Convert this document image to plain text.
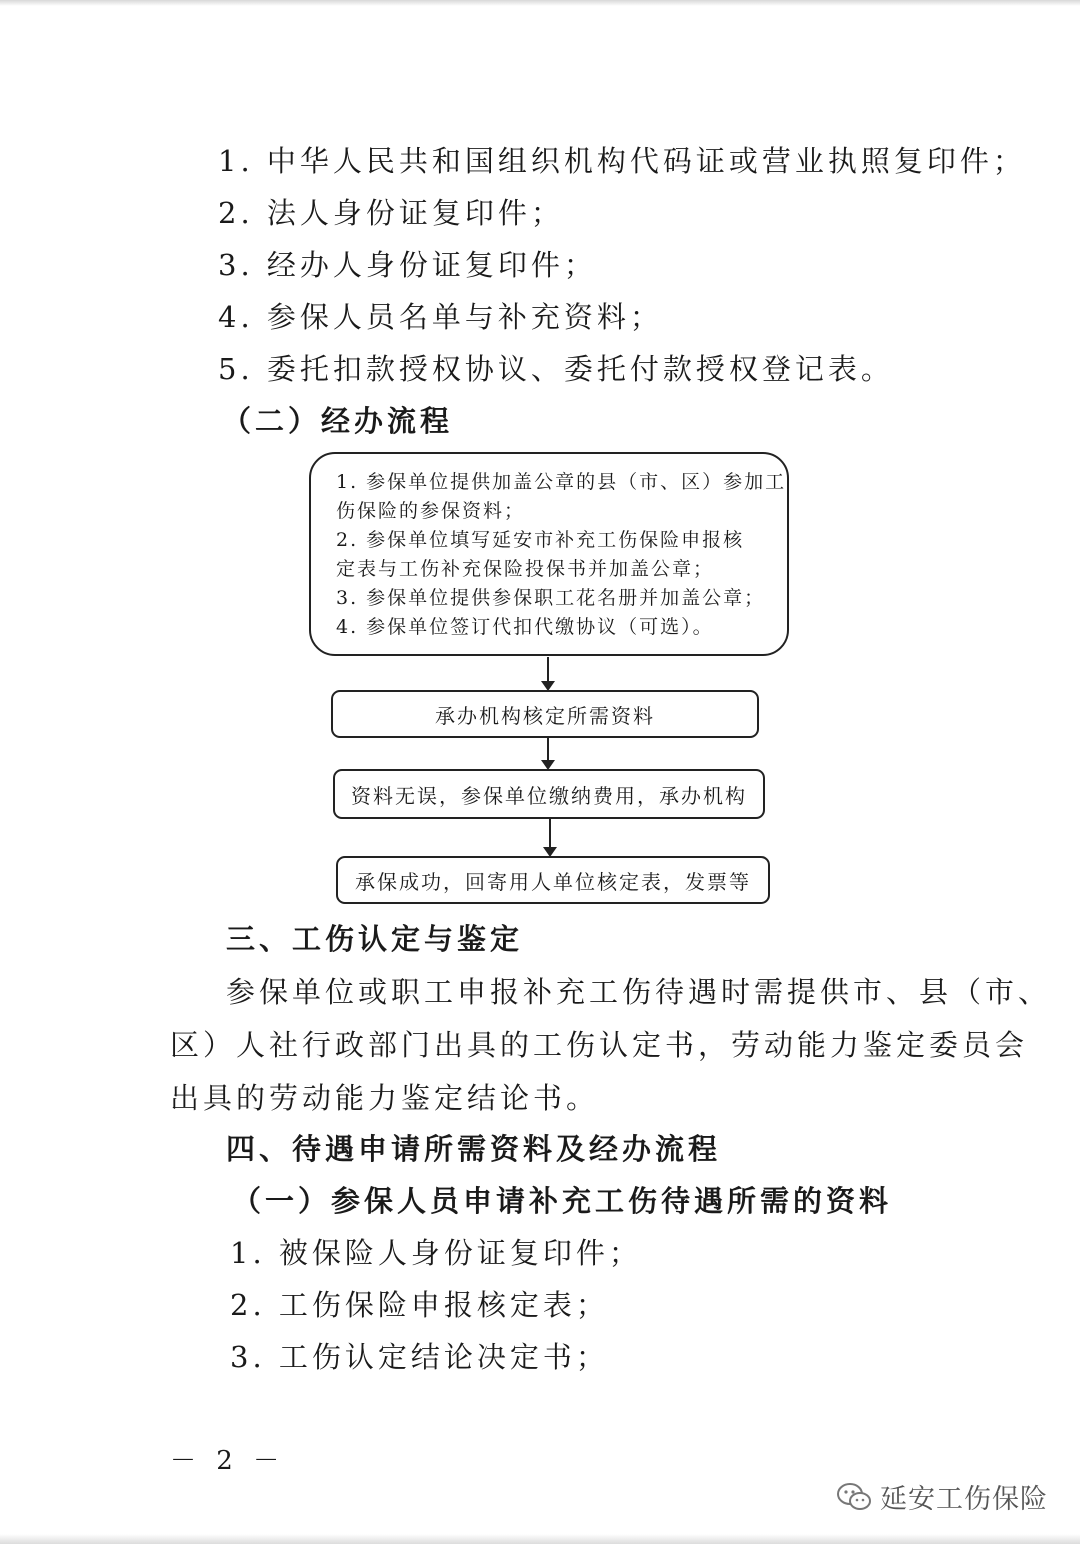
1. 中华人民共和国组织机构代码证或营业执照复印件；
2. 法人身份证复印件；
3. 经办人身份证复印件；
4. 参保人员名单与补充资料；
5. 委托扣款授权协议、委托付款授权登记表。
（二）经办流程
1. 参保单位提供加盖公章的县（市、区）参加工
伤保险的参保资料；
2. 参保单位填写延安市补充工伤保险申报核
定表与工伤补充保险投保书并加盖公章；
3. 参保单位提供参保职工花名册并加盖公章；
4. 参保单位签订代扣代缴协议（可选）。
承办机构核定所需资料
资料无误，参保单位缴纳费用，承办机构
承保成功，回寄用人单位核定表，发票等
三、工伤认定与鉴定
参保单位或职工申报补充工伤待遇时需提供市、县（市、
区）人社行政部门出具的工伤认定书，劳动能力鉴定委员会
出具的劳动能力鉴定结论书。
四、待遇申请所需资料及经办流程
（一）参保人员申请补充工伤待遇所需的资料
1. 被保险人身份证复印件；
2. 工伤保险申报核定表；
3. 工伤认定结论决定书；
－ 2 －
延安工伤保险
